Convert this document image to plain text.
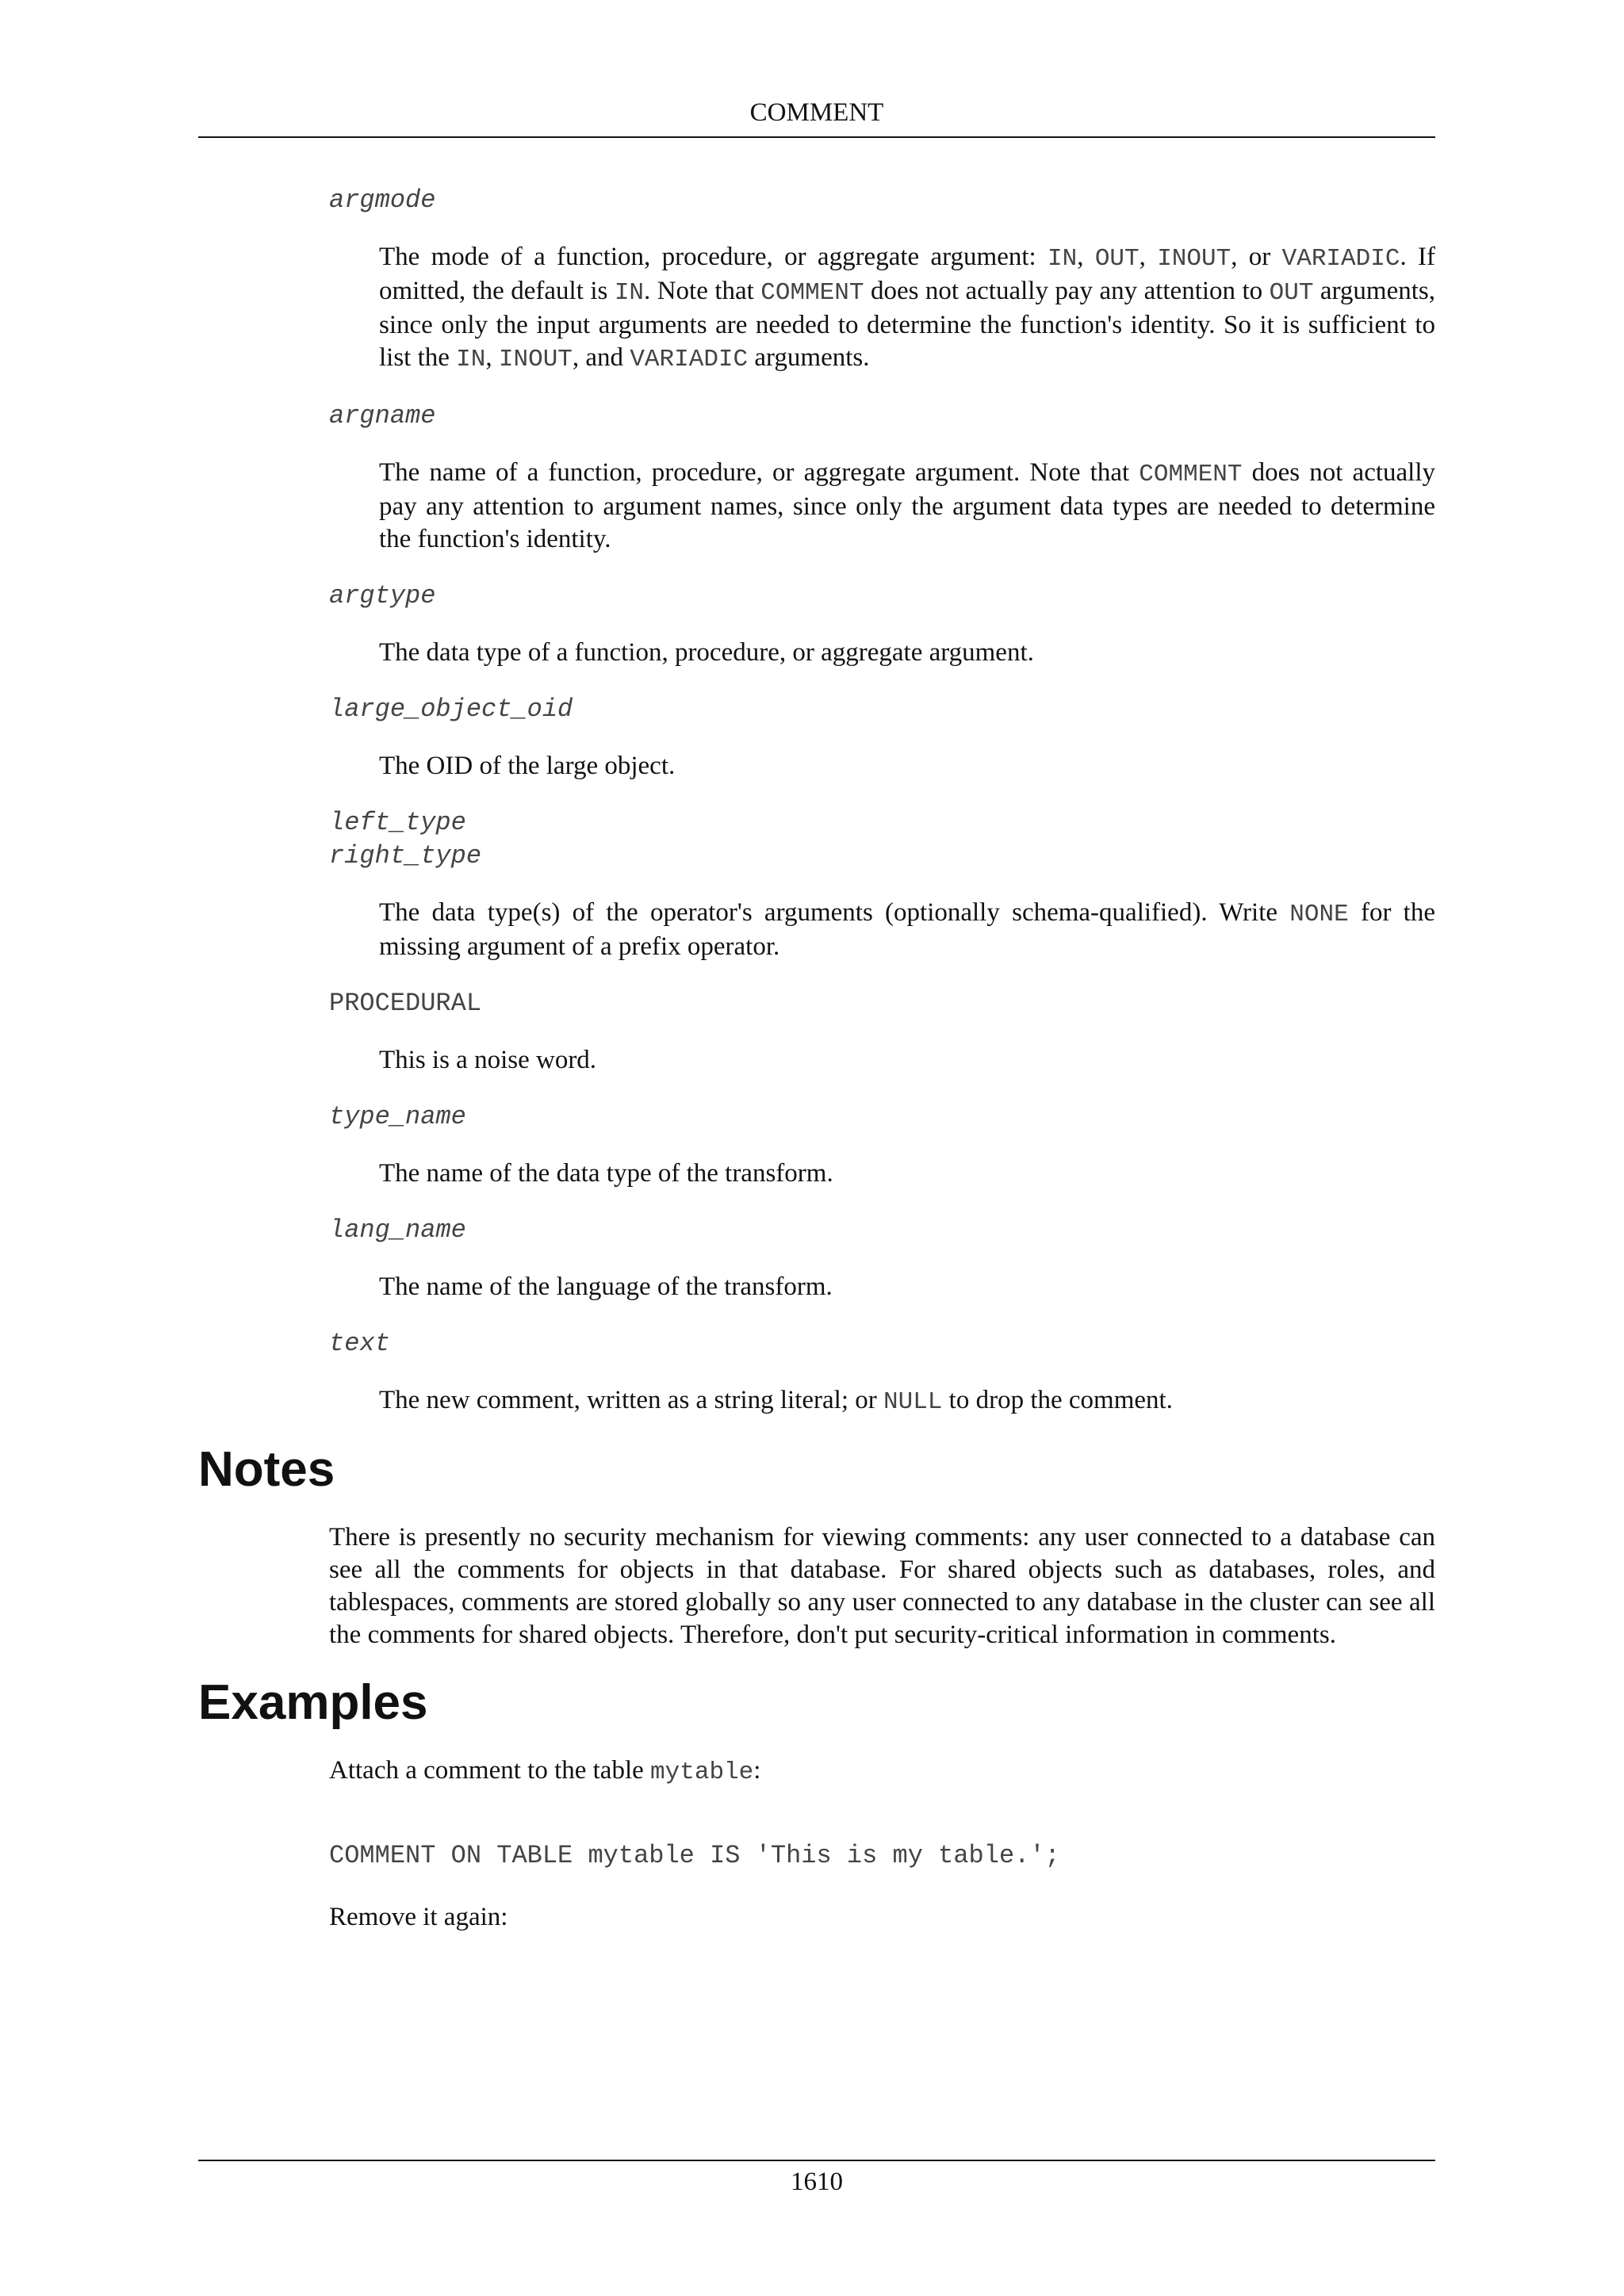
COMMENT
argmode
The mode of a function, procedure, or aggregate argument: IN, OUT, INOUT, or VARIADIC. If omitted, the default is IN. Note that COMMENT does not actually pay any attention to OUT arguments, since only the input arguments are needed to determine the function's identity. So it is sufficient to list the IN, INOUT, and VARIADIC arguments.
argname
The name of a function, procedure, or aggregate argument. Note that COMMENT does not actually pay any attention to argument names, since only the argument data types are needed to determine the function's identity.
argtype
The data type of a function, procedure, or aggregate argument.
large_object_oid
The OID of the large object.
left_type
right_type
The data type(s) of the operator's arguments (optionally schema-qualified). Write NONE for the missing argument of a prefix operator.
PROCEDURAL
This is a noise word.
type_name
The name of the data type of the transform.
lang_name
The name of the language of the transform.
text
The new comment, written as a string literal; or NULL to drop the comment.
Notes
There is presently no security mechanism for viewing comments: any user connected to a database can see all the comments for objects in that database. For shared objects such as databases, roles, and tablespaces, comments are stored globally so any user connected to any database in the cluster can see all the comments for shared objects. Therefore, don't put security-critical information in comments.
Examples
Attach a comment to the table mytable:
COMMENT ON TABLE mytable IS 'This is my table.';
Remove it again:
1610
